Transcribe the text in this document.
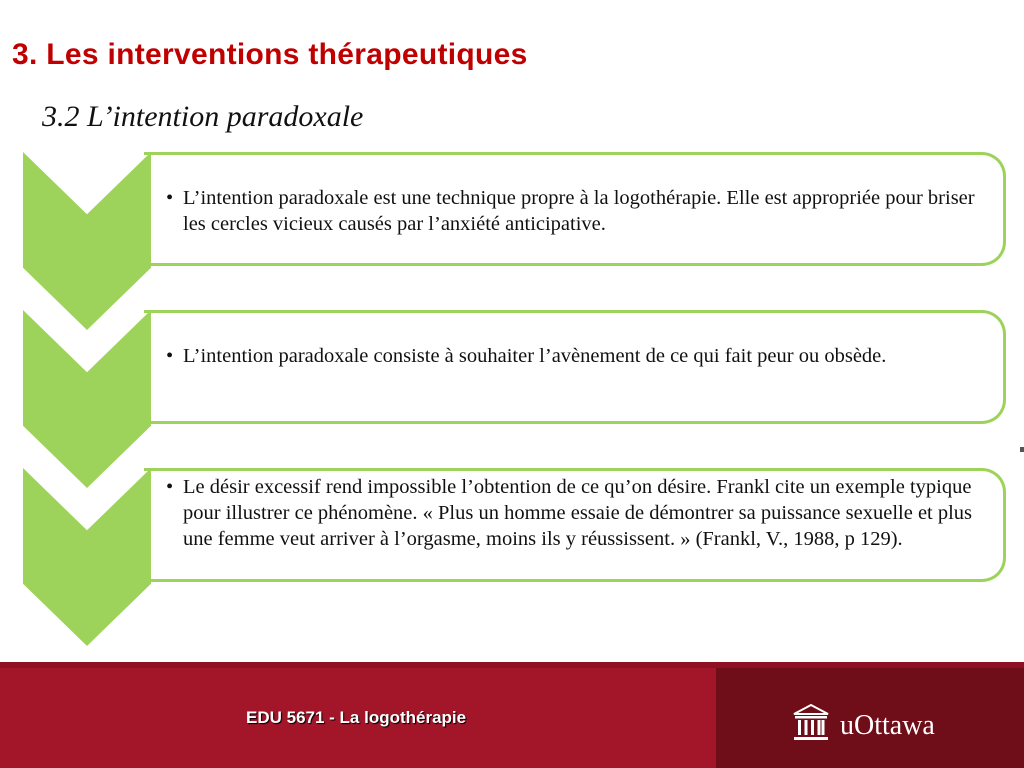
3. Les interventions thérapeutiques
3.2 L’intention paradoxale
• L’intention paradoxale est une technique propre à la logothérapie. Elle est appropriée pour briser les cercles vicieux causés par l’anxiété anticipative.
• L’intention paradoxale consiste à souhaiter l’avènement de ce qui fait peur ou obsède.
• Le désir excessif rend impossible l’obtention de ce qu’on désire. Frankl cite un exemple typique pour illustrer ce phénomène. « Plus un homme essaie de démontrer sa puissance sexuelle et plus une femme veut arriver à l’orgasme, moins ils y réussissent. » (Frankl, V., 1988, p 129).

EDU 5671 - La logothérapie	uOttawa
